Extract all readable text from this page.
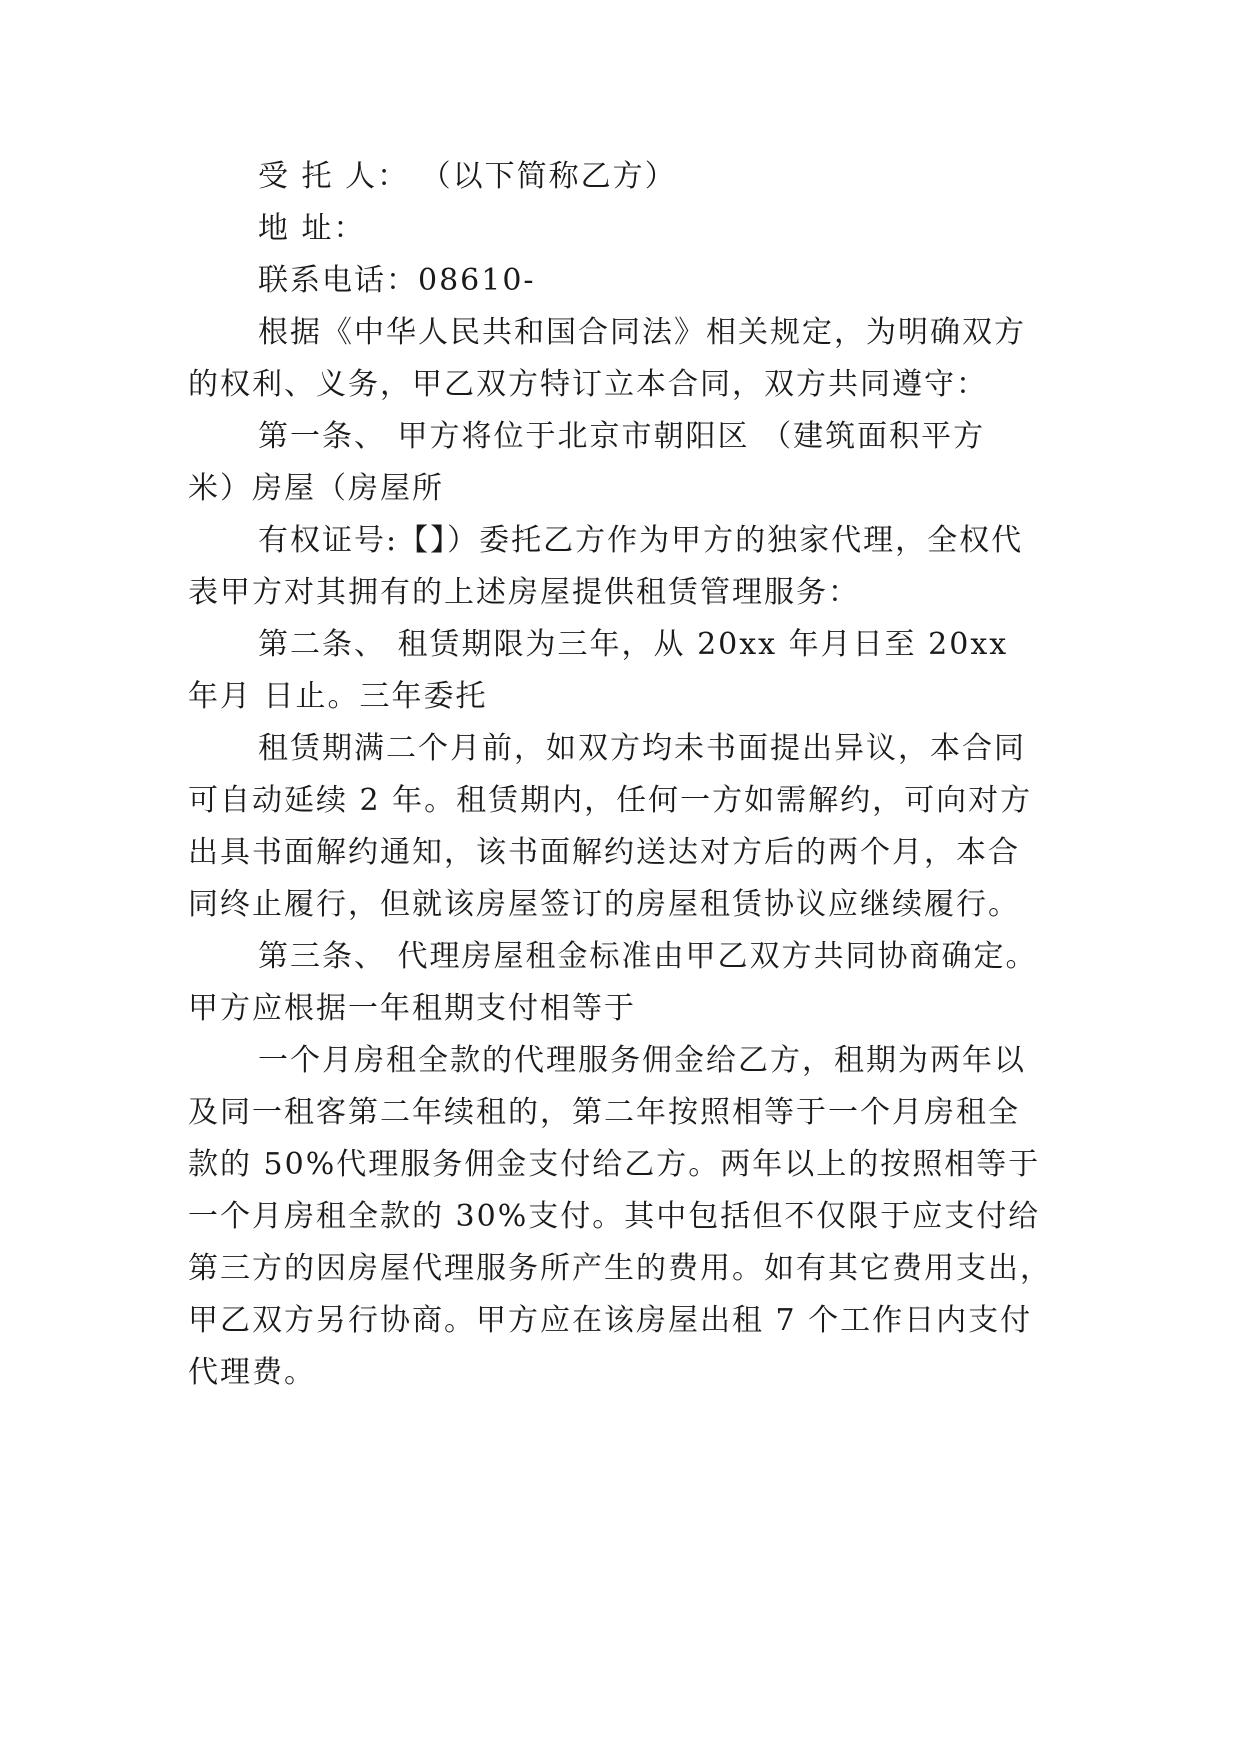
受 托 人： （以下简称乙方）
地 址：
联系电话：08610-
根据《中华人民共和国合同法》相关规定，为明确双方
的权利、义务，甲乙双方特订立本合同，双方共同遵守：
第一条、 甲方将位于北京市朝阳区 （建筑面积平方
米）房屋（房屋所
有权证号:【】）委托乙方作为甲方的独家代理，全权代
表甲方对其拥有的上述房屋提供租赁管理服务：
第二条、 租赁期限为三年，从 20xx 年月日至 20xx
年月 日止。三年委托
租赁期满二个月前，如双方均未书面提出异议，本合同
可自动延续 2 年。租赁期内，任何一方如需解约，可向对方
出具书面解约通知，该书面解约送达对方后的两个月，本合
同终止履行，但就该房屋签订的房屋租赁协议应继续履行。
第三条、 代理房屋租金标准由甲乙双方共同协商确定。
甲方应根据一年租期支付相等于
一个月房租全款的代理服务佣金给乙方，租期为两年以
及同一租客第二年续租的，第二年按照相等于一个月房租全
款的 50%代理服务佣金支付给乙方。两年以上的按照相等于
一个月房租全款的 30%支付。其中包括但不仅限于应支付给
第三方的因房屋代理服务所产生的费用。如有其它费用支出，
甲乙双方另行协商。甲方应在该房屋出租 7 个工作日内支付
代理费。
